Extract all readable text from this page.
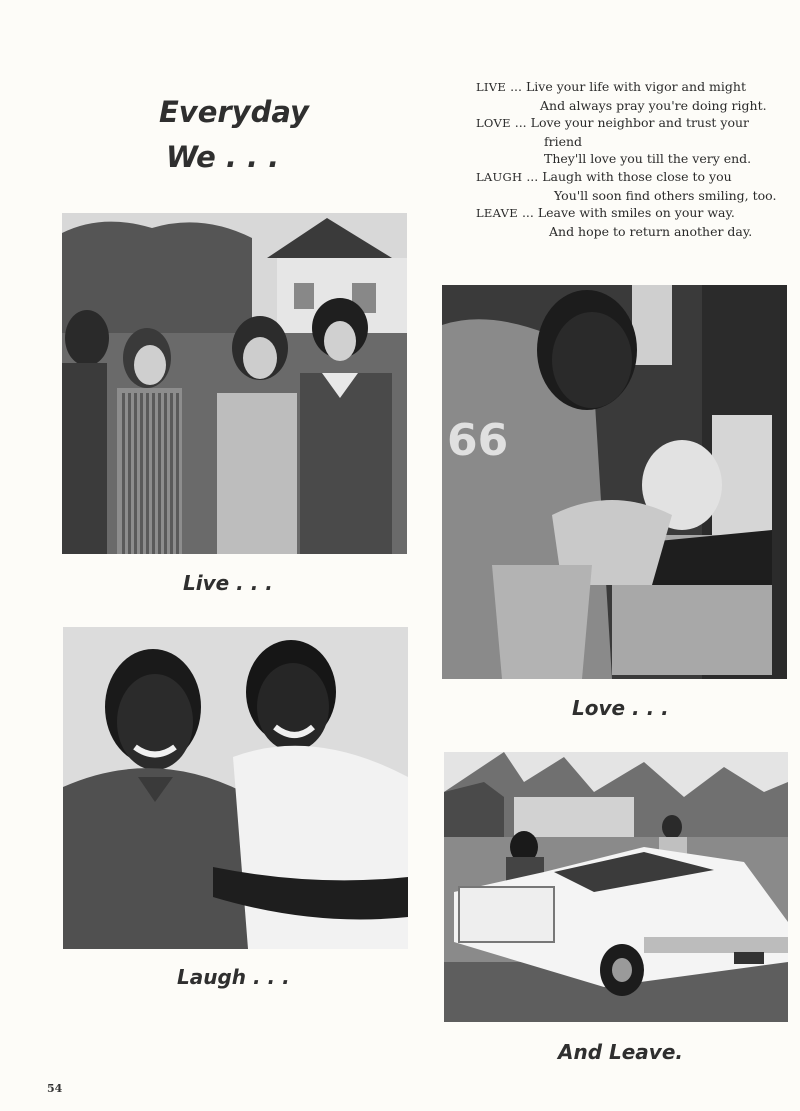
Everyday
We . . .
LIVE ... Live your life with vigor and might
And always pray you're doing right.
LOVE ... Love your neighbor and trust your
friend
They'll love you till the very end.
LAUGH ... Laugh with those close to you
You'll soon find others smiling, too.
LEAVE ... Leave with smiles on your way.
And hope to return another day.
Live . . .
66
Love . . .
Laugh . . .
And Leave.
54
